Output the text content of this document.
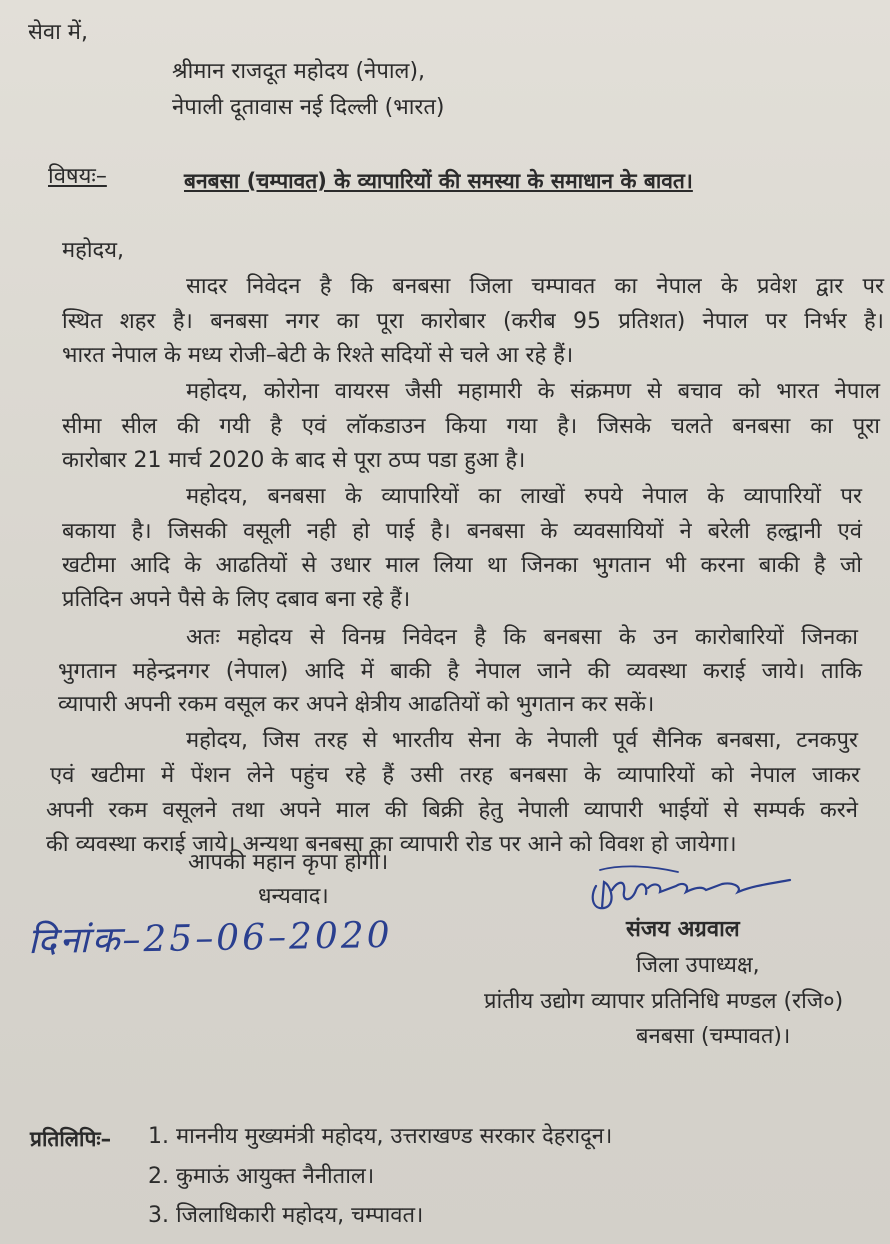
सेवा में,
श्रीमान राजदूत महोदय (नेपाल),
नेपाली दूतावास नई दिल्ली (भारत)
विषयः–	बनबसा (चम्पावत) के व्यापारियों की समस्या के समाधान के बावत।
महोदय,
सादर निवेदन है कि बनबसा जिला चम्पावत का नेपाल के प्रवेश द्वार पर
स्थित शहर है। बनबसा नगर का पूरा कारोबार (करीब 95 प्रतिशत) नेपाल पर निर्भर है।
भारत नेपाल के मध्य रोजी–बेटी के रिश्ते सदियों से चले आ रहे हैं।
महोदय, कोरोना वायरस जैसी महामारी के संक्रमण से बचाव को भारत नेपाल
सीमा सील की गयी है एवं लॉकडाउन किया गया है। जिसके चलते बनबसा का पूरा
कारोबार 21 मार्च 2020 के बाद से पूरा ठप्प पडा हुआ है।
महोदय, बनबसा के व्यापारियों का लाखों रुपये नेपाल के व्यापारियों पर
बकाया है। जिसकी वसूली नही हो पाई है। बनबसा के व्यवसायियों ने बरेली हल्द्वानी एवं
खटीमा आदि के आढतियों से उधार माल लिया था जिनका भुगतान भी करना बाकी है जो
प्रतिदिन अपने पैसे के लिए दबाव बना रहे हैं।
अतः महोदय से विनम्र निवेदन है कि बनबसा के उन कारोबारियों जिनका
भुगतान महेन्द्रनगर (नेपाल) आदि में बाकी है नेपाल जाने की व्यवस्था कराई जाये। ताकि
व्यापारी अपनी रकम वसूल कर अपने क्षेत्रीय आढतियों को भुगतान कर सकें।
महोदय, जिस तरह से भारतीय सेना के नेपाली पूर्व सैनिक बनबसा, टनकपुर
एवं खटीमा में पेंशन लेने पहुंच रहे हैं उसी तरह बनबसा के व्यापारियों को नेपाल जाकर
अपनी रकम वसूलने तथा अपने माल की बिक्री हेतु नेपाली व्यापारी भाईयों से सम्पर्क करने
की व्यवस्था कराई जाये। अन्यथा बनबसा का व्यापारी रोड पर आने को विवश हो जायेगा।
आपकी महान कृपा होगी।
धन्यवाद।
दिनांक–25–06–2020	संजय अग्रवाल
जिला उपाध्यक्ष,
प्रांतीय उद्योग व्यापार प्रतिनिधि मण्डल (रजि०)
बनबसा (चम्पावत)।
प्रतिलिपिः– 1. माननीय मुख्यमंत्री महोदय, उत्तराखण्ड सरकार देहरादून।
2. कुमाऊं आयुक्त नैनीताल।
3. जिलाधिकारी महोदय, चम्पावत।
